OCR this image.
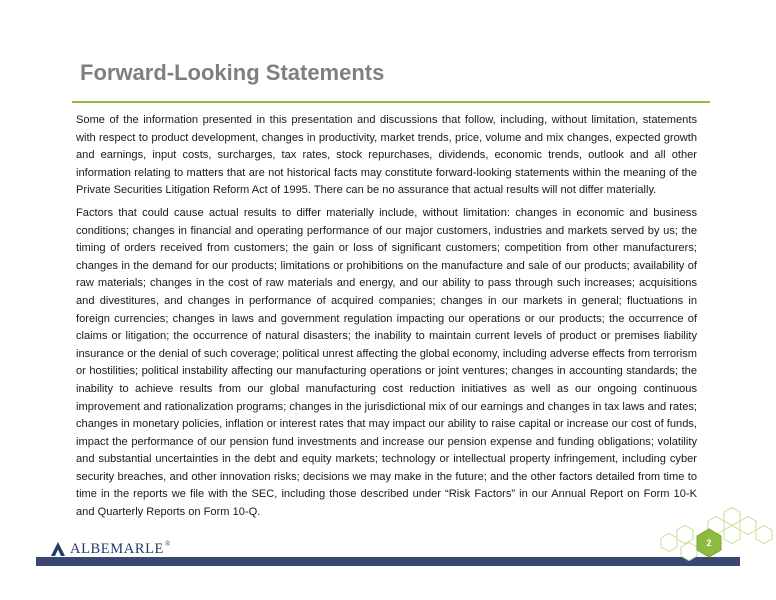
Forward-Looking Statements

Some of the information presented in this presentation and discussions that follow, including, without limitation, statements with respect to product development, changes in productivity, market trends, price, volume and mix changes, expected growth and earnings, input costs, surcharges, tax rates, stock repurchases, dividends, economic trends, outlook and all other information relating to matters that are not historical facts may constitute forward-looking statements within the meaning of the Private Securities Litigation Reform Act of 1995. There can be no assurance that actual results will not differ materially.

Factors that could cause actual results to differ materially include, without limitation: changes in economic and business conditions; changes in financial and operating performance of our major customers, industries and markets served by us; the timing of orders received from customers; the gain or loss of significant customers; competition from other manufacturers; changes in the demand for our products; limitations or prohibitions on the manufacture and sale of our products; availability of raw materials; changes in the cost of raw materials and energy, and our ability to pass through such increases; acquisitions and divestitures, and changes in performance of acquired companies; changes in our markets in general; fluctuations in foreign currencies; changes in laws and government regulation impacting our operations or our products; the occurrence of claims or litigation; the occurrence of natural disasters; the inability to maintain current levels of product or premises liability insurance or the denial of such coverage; political unrest affecting the global economy, including adverse effects from terrorism or hostilities; political instability affecting our manufacturing operations or joint ventures; changes in accounting standards; the inability to achieve results from our global manufacturing cost reduction initiatives as well as our ongoing continuous improvement and rationalization programs; changes in the jurisdictional mix of our earnings and changes in tax laws and rates; changes in monetary policies, inflation or interest rates that may impact our ability to raise capital or increase our cost of funds, impact the performance of our pension fund investments and increase our pension expense and funding obligations; volatility and substantial uncertainties in the debt and equity markets; technology or intellectual property infringement, including cyber security breaches, and other innovation risks; decisions we may make in the future; and the other factors detailed from time to time in the reports we file with the SEC, including those described under “Risk Factors” in our Annual Report on Form 10-K and Quarterly Reports on Form 10-Q.

ALBEMARLE ®	2
